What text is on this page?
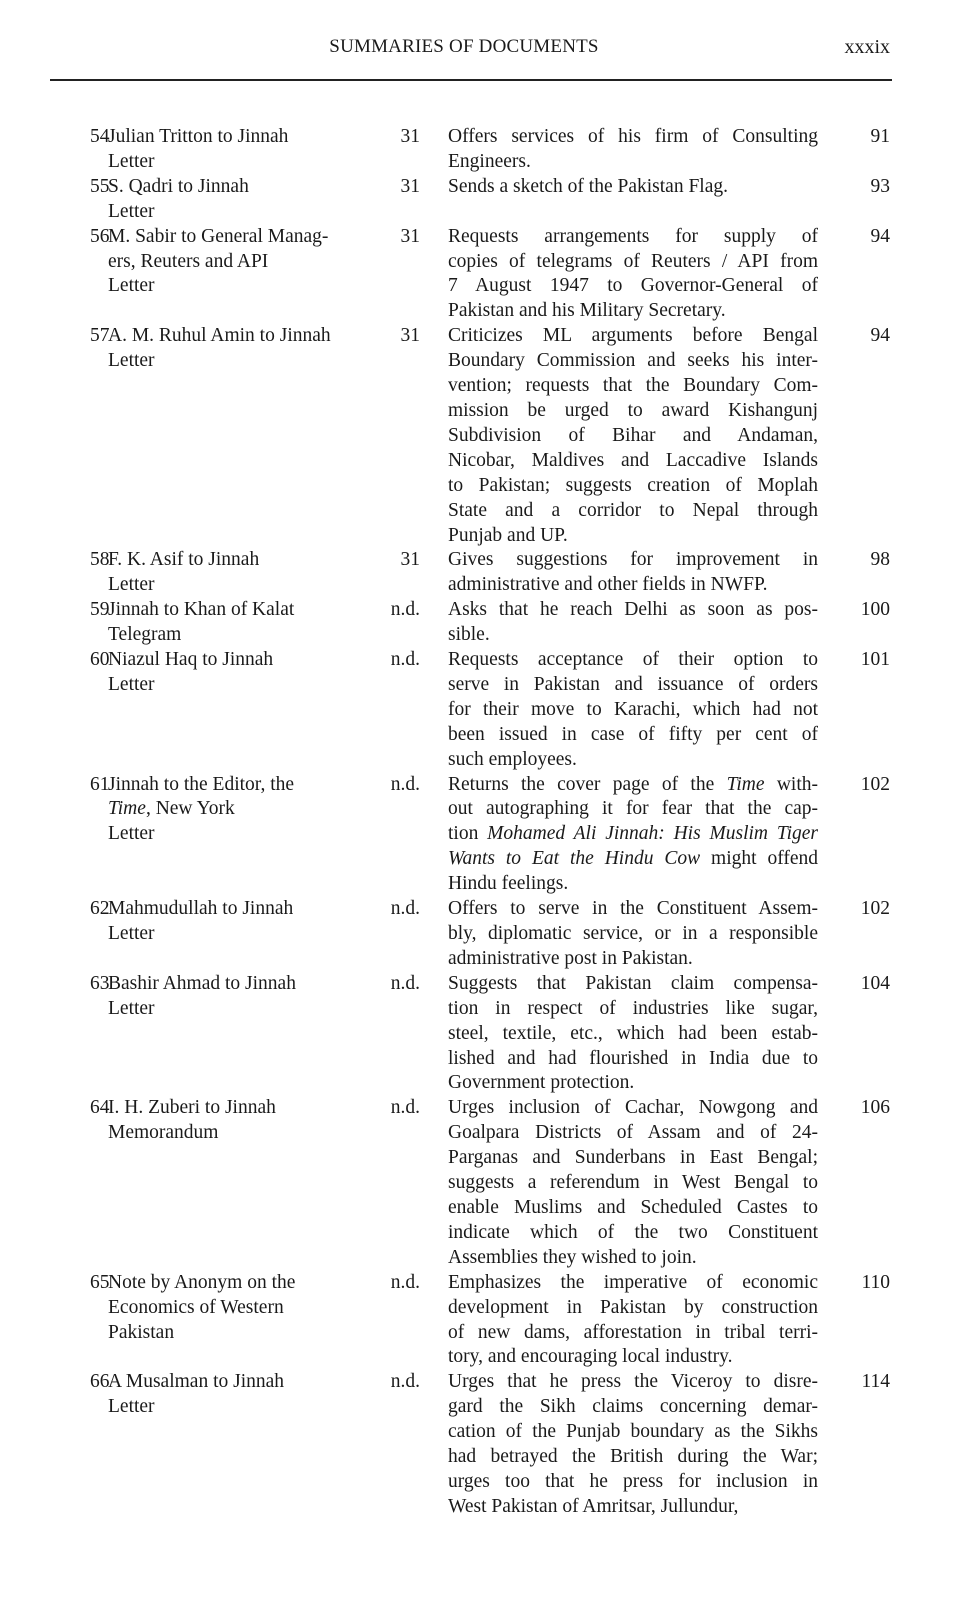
SUMMARIES OF DOCUMENTS	xxxix
54
Julian Tritton to Jinnah
Letter
31 Offers services of his firm of Consulting
Engineers.
91
55
S. Qadri to Jinnah
Letter
31 Sends a sketch of the Pakistan Flag.	93
56
M. Sabir to General Manag-
ers, Reuters and API
Letter
31 Requests arrangements for supply of
copies of telegrams of Reuters / API from
7 August 1947 to Governor-General of
Pakistan and his Military Secretary.
94
57
A. M. Ruhul Amin to Jinnah
Letter
31 Criticizes ML arguments before Bengal
Boundary Commission and seeks his inter-
vention; requests that the Boundary Com-
mission be urged to award Kishangunj
Subdivision of Bihar and Andaman,
Nicobar, Maldives and Laccadive Islands
to Pakistan; suggests creation of Moplah
State and a corridor to Nepal through
Punjab and UP.
94
58
F. K. Asif to Jinnah
Letter
31 Gives suggestions for improvement in
administrative and other fields in NWFP.
98
59
Jinnah to Khan of Kalat
Telegram
n.d. Asks that he reach Delhi as soon as pos-
sible.
100
60
Niazul Haq to Jinnah
Letter
n.d. Requests acceptance of their option to
serve in Pakistan and issuance of orders
for their move to Karachi, which had not
been issued in case of fifty per cent of
such employees.
101
61
Jinnah to the Editor, the
Time, New York
Letter
n.d. Returns the cover page of the Time with-
out autographing it for fear that the cap-
tion Mohamed Ali Jinnah: His Muslim Tiger
Wants to Eat the Hindu Cow might offend
Hindu feelings.
102
62
Mahmudullah to Jinnah
Letter
n.d. Offers to serve in the Constituent Assem-
bly, diplomatic service, or in a responsible
administrative post in Pakistan.
102
63
Bashir Ahmad to Jinnah
Letter
n.d. Suggests that Pakistan claim compensa-
tion in respect of industries like sugar,
steel, textile, etc., which had been estab-
lished and had flourished in India due to
Government protection.
104
64
I. H. Zuberi to Jinnah
Memorandum
n.d. Urges inclusion of Cachar, Nowgong and
Goalpara Districts of Assam and of 24-
Parganas and Sunderbans in East Bengal;
suggests a referendum in West Bengal to
enable Muslims and Scheduled Castes to
indicate which of the two Constituent
Assemblies they wished to join.
106
65
Note by Anonym on the
Economics of Western
Pakistan
n.d. Emphasizes the imperative of economic
development in Pakistan by construction
of new dams, afforestation in tribal terri-
tory, and encouraging local industry.
110
66
A Musalman to Jinnah
Letter
n.d. Urges that he press the Viceroy to disre-
gard the Sikh claims concerning demar-
cation of the Punjab boundary as the Sikhs
had betrayed the British during the War;
urges too that he press for inclusion in
West Pakistan of Amritsar, Jullundur,
114
